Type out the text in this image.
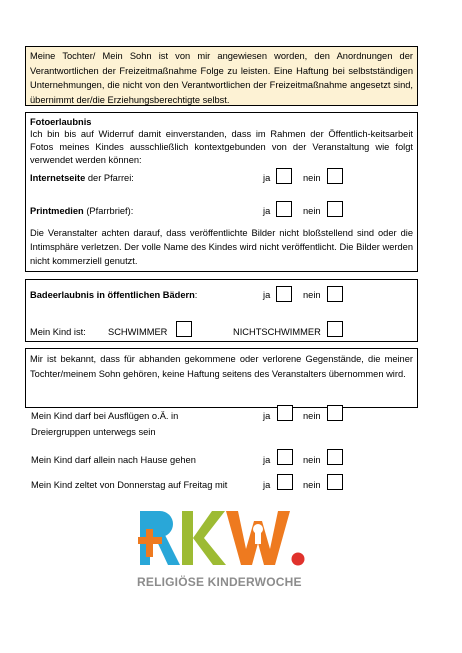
Meine Tochter/ Mein Sohn ist von mir angewiesen worden, den Anordnungen der Verantwortlichen der Freizeitmaßnahme Folge zu leisten. Eine Haftung bei selbstständigen Unternehmungen, die nicht von den Verantwortlichen der Freizeitmaßnahme angesetzt sind, übernimmt der/die Erziehungsberechtigte selbst.
Fotoerlaubnis
Ich bin bis auf Widerruf damit einverstanden, dass im Rahmen der Öffentlich-keitsarbeit Fotos meines Kindes ausschließlich kontextgebunden von der Veranstaltung wie folgt verwendet werden können:
Internetseite der Pfarrei:	ja	nein
Printmedien (Pfarrbrief):	ja	nein
Die Veranstalter achten darauf, dass veröffentlichte Bilder nicht bloßstellend sind oder die Intimsphäre verletzen. Der volle Name des Kindes wird nicht veröffentlicht. Die Bilder werden nicht kommerziell genutzt.
Badeerlaubnis in öffentlichen Bädern:	ja	nein
Mein Kind ist: SCHWIMMER	NICHTSCHWIMMER
Mir ist bekannt, dass für abhanden gekommene oder verlorene Gegenstände, die meiner Tochter/meinem Sohn gehören, keine Haftung seitens des Veranstalters übernommen wird.
Mein Kind darf bei Ausflügen o.Ä. in
Dreiergruppen unterwegs sein
ja	nein
Mein Kind darf allein nach Hause gehen	ja	nein
Mein Kind zeltet von Donnerstag auf Freitag mit	ja	nein
RELIGIÖSE KINDERWOCHE
